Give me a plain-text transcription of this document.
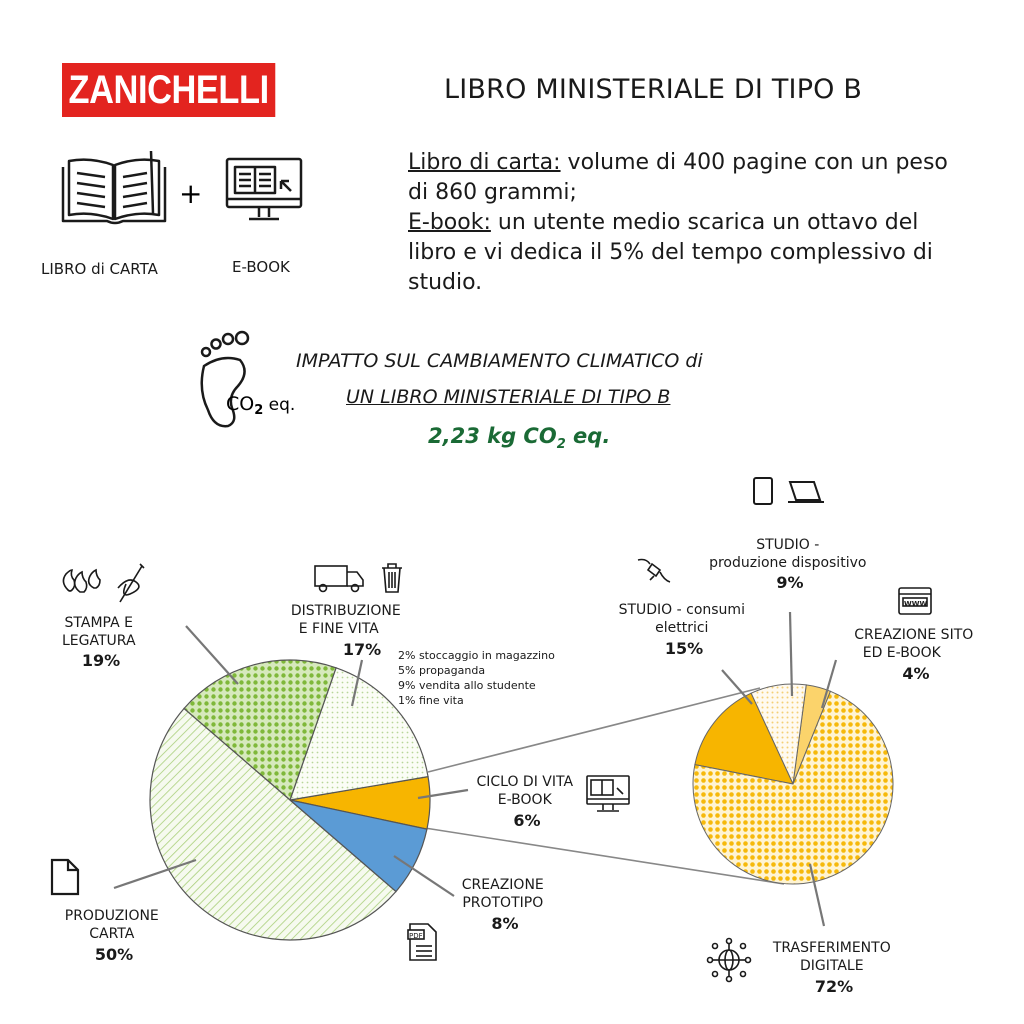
ZANICHELLI	LIBRO MINISTERIALE DI TIPO B
+
LIBRO di CARTA	E-BOOK
Libro di carta: volume di 400 pagine con un peso
di 860 grammi;
E-book: un utente medio scarica un ottavo del
libro e vi dedica il 5% del tempo complessivo di
studio.
$CO_2$ eq.
IMPATTO SUL CAMBIAMENTO CLIMATICO di
UN LIBRO MINISTERIALE DI TIPO B
2,23 kg $CO_2$ eq.
STAMPA E LEGATURA 19%
DISTRIBUZIONE E FINE VITA 17%
CICLO DI VITA E-BOOK 6%
CREAZIONE PROTOTIPO 8%
PRODUZIONE CARTA 50%
2% stoccaggio in magazzino
5% propaganda
9% vendita allo studente
1% fine vita
STUDIO - produzione dispositivo 9%
STUDIO - consumi elettrici 15%
CREAZIONE SITO ED E-BOOK 4%
TRASFERIMENTO DIGITALE 72%
WWW
PDF
